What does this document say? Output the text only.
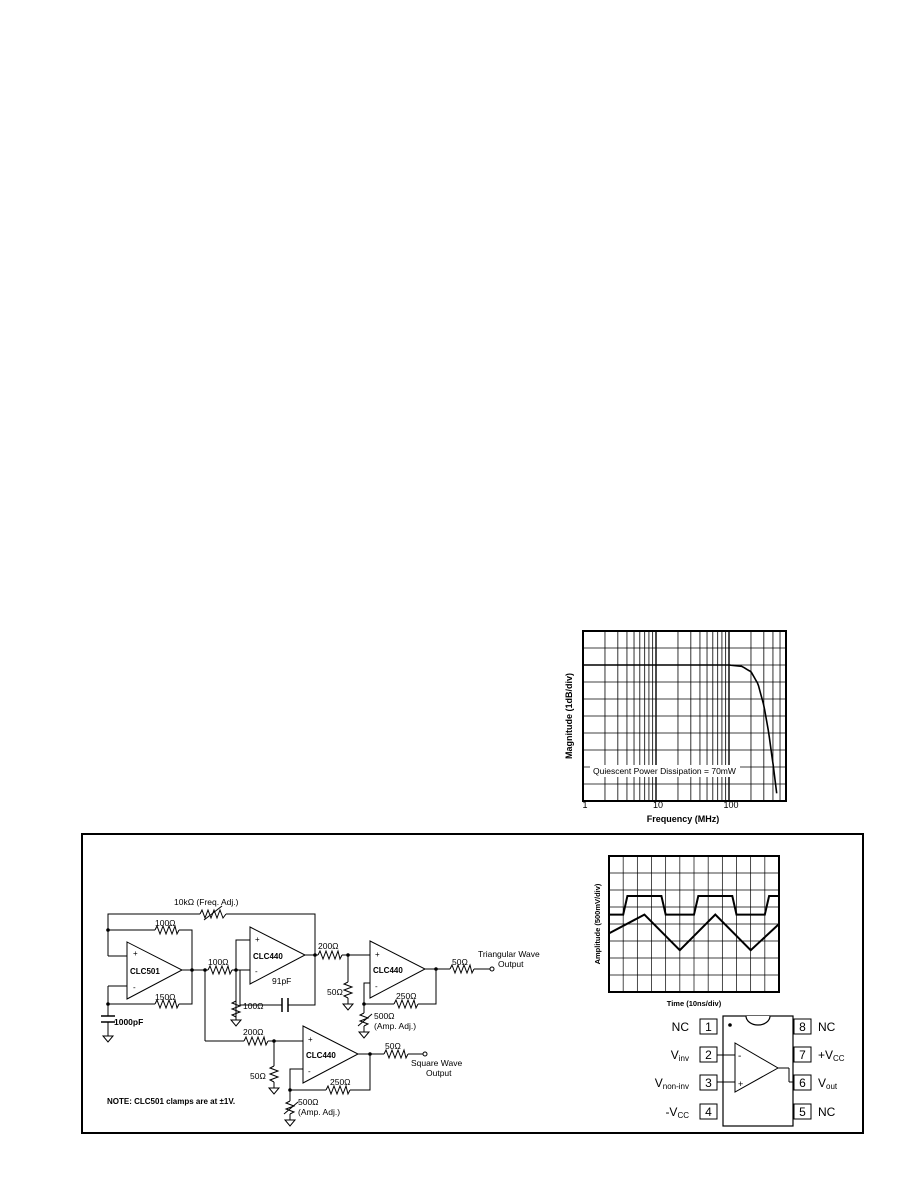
Quiescent Power Dissipation = 70mW
1	10	100
Frequency (MHz)
Magnitude (1dB/div)
Time (10ns/div)
Amplitude (500mV/div)
+
-
CLC501
+
-
CLC440	+
-
CLC440
+
-
CLC440
10kΩ (Freq. Adj.)
100Ω
150Ω
1000pF
100Ω
91pF
100Ω
200Ω
50Ω	250Ω
500Ω
(Amp. Adj.)
50Ω
Triangular Wave
Output
200Ω
50Ω
250Ω
500Ω
(Amp. Adj.)
50Ω
Square Wave
Output
NOTE: CLC501 clamps are at ±1V.
-
+
1
2
3
4
8
7
6
5
NC
Vinv
Vnon-inv
-VCC
NC
+VCC
Vout
NC
